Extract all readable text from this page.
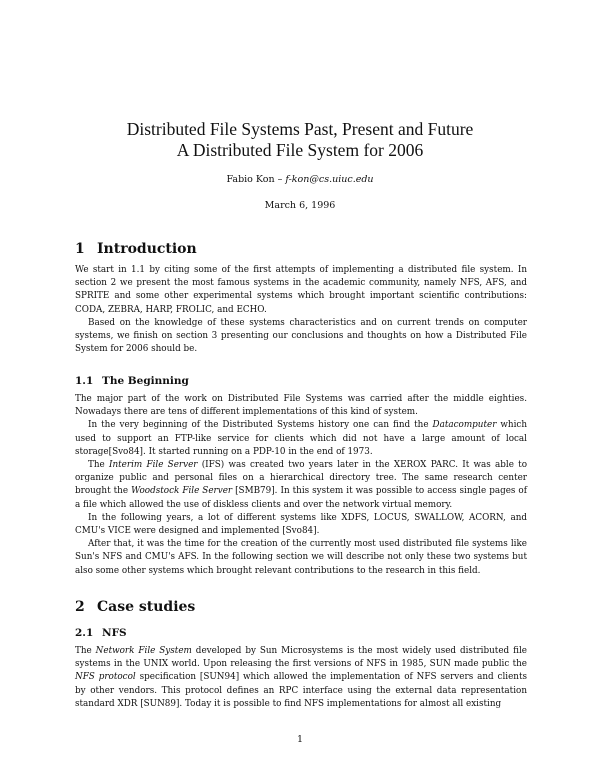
Distributed File Systems Past, Present and Future
A Distributed File System for 2006
Fabio Kon – f-kon@cs.uiuc.edu
March 6, 1996
1 Introduction

We start in 1.1 by citing some of the first attempts of implementing a distributed file system. In section 2 we present the most famous systems in the academic community, namely NFS, AFS, and SPRITE and some other experimental systems which brought important scientific contributions: CODA, ZEBRA, HARP, FROLIC, and ECHO.

Based on the knowledge of these systems characteristics and on current trends on computer systems, we finish on section 3 presenting our conclusions and thoughts on how a Distributed File System for 2006 should be.

1.1 The Beginning

The major part of the work on Distributed File Systems was carried after the middle eighties. Nowadays there are tens of different implementations of this kind of system.

In the very beginning of the Distributed Systems history one can find the Datacomputer which used to support an FTP-like service for clients which did not have a large amount of local storage[Svo84]. It started running on a PDP-10 in the end of 1973.

The Interim File Server (IFS) was created two years later in the XEROX PARC. It was able to organize public and personal files on a hierarchical directory tree. The same research center brought the Woodstock File Server [SMB79]. In this system it was possible to access single pages of a file which allowed the use of diskless clients and over the network virtual memory.

In the following years, a lot of different systems like XDFS, LOCUS, SWALLOW, ACORN, and CMU's VICE were designed and implemented [Svo84].

After that, it was the time for the creation of the currently most used distributed file systems like Sun's NFS and CMU's AFS. In the following section we will describe not only these two systems but also some other systems which brought relevant contributions to the research in this field.

2 Case studies
2.1 NFS

The Network File System developed by Sun Microsystems is the most widely used distributed file systems in the UNIX world. Upon releasing the first versions of NFS in 1985, SUN made public the NFS protocol specification [SUN94] which allowed the implementation of NFS servers and clients by other vendors. This protocol defines an RPC interface using the external data representation standard XDR [SUN89]. Today it is possible to find NFS implementations for almost all existing

1
